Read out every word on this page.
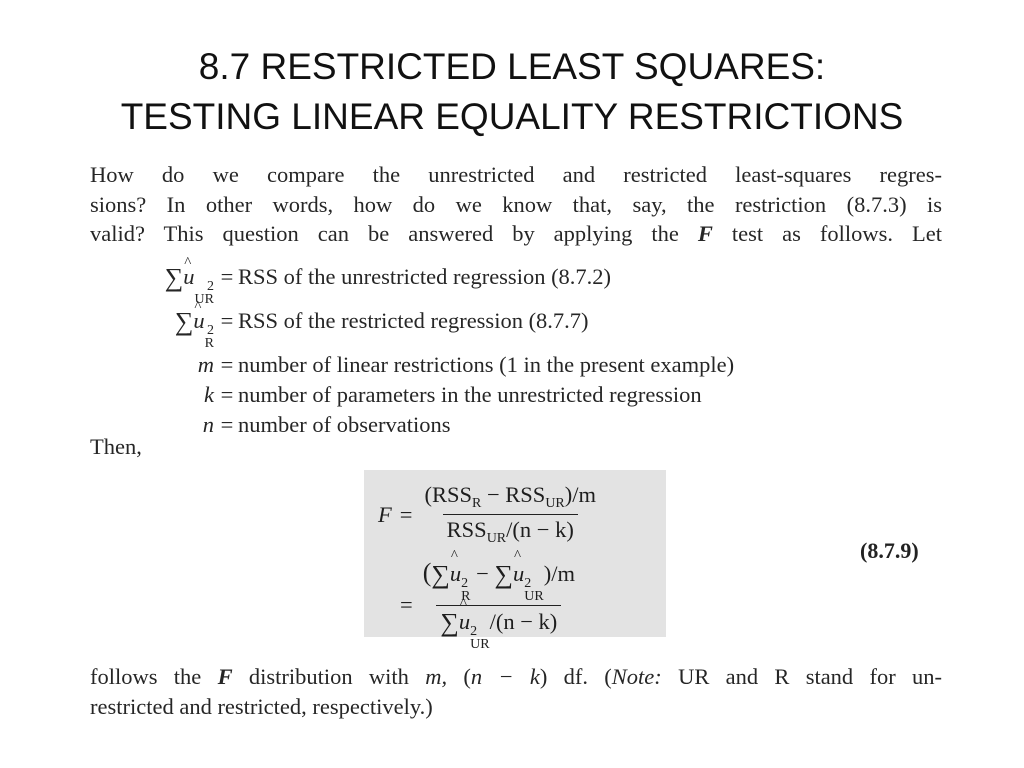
8.7 RESTRICTED LEAST SQUARES:
TESTING LINEAR EQUALITY RESTRICTIONS
How do we compare the unrestricted and restricted least-squares regres-
sions? In other words, how do we know that, say, the restriction (8.7.3) is
valid? This question can be answered by applying the F test as follows. Let
∑^ u 2
UR
= RSS of the unrestricted regression (8.7.2)
∑^ u 2
R
= RSS of the restricted regression (8.7.7)
m = number of linear restrictions (1 in the present example)
k = number of parameters in the unrestricted regression
n = number of observations
Then,
$F = \frac{(RSS_R - RSS_{UR})/m}{RSS_{UR}/(n - k)}$
= (∑^ u 2
R
− ∑^ u 2
UR
)/m
∑^ u 2
UR
/(n − k)
(8.7.9)
follows the F distribution with m, (n − k) df. (Note: UR and R stand for un-
restricted and restricted, respectively.)
